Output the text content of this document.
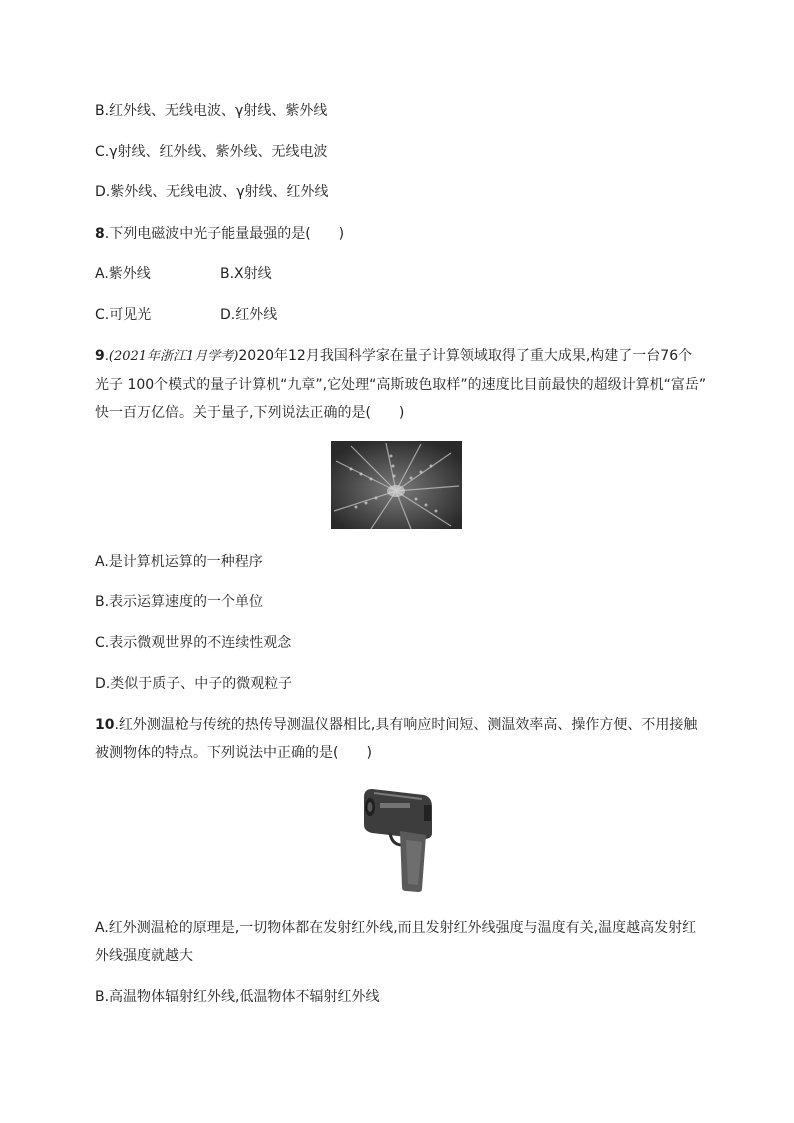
B.红外线、无线电波、γ射线、紫外线
C.γ射线、红外线、紫外线、无线电波
D.紫外线、无线电波、γ射线、红外线
8.下列电磁波中光子能量最强的是(　　)
A.紫外线	B.X射线
C.可见光	D.红外线
9.(2021年浙江1月学考)2020年12月我国科学家在量子计算领域取得了重大成果,构建了一台76个
光子 100个模式的量子计算机“九章”,它处理“高斯玻色取样”的速度比目前最快的超级计算机“富岳”
快一百万亿倍。关于量子,下列说法正确的是(　　)
A.是计算机运算的一种程序
B.表示运算速度的一个单位
C.表示微观世界的不连续性观念
D.类似于质子、中子的微观粒子
10.红外测温枪与传统的热传导测温仪器相比,具有响应时间短、测温效率高、操作方便、不用接触
被测物体的特点。下列说法中正确的是(　　)
A.红外测温枪的原理是,一切物体都在发射红外线,而且发射红外线强度与温度有关,温度越高发射红
外线强度就越大
B.高温物体辐射红外线,低温物体不辐射红外线
